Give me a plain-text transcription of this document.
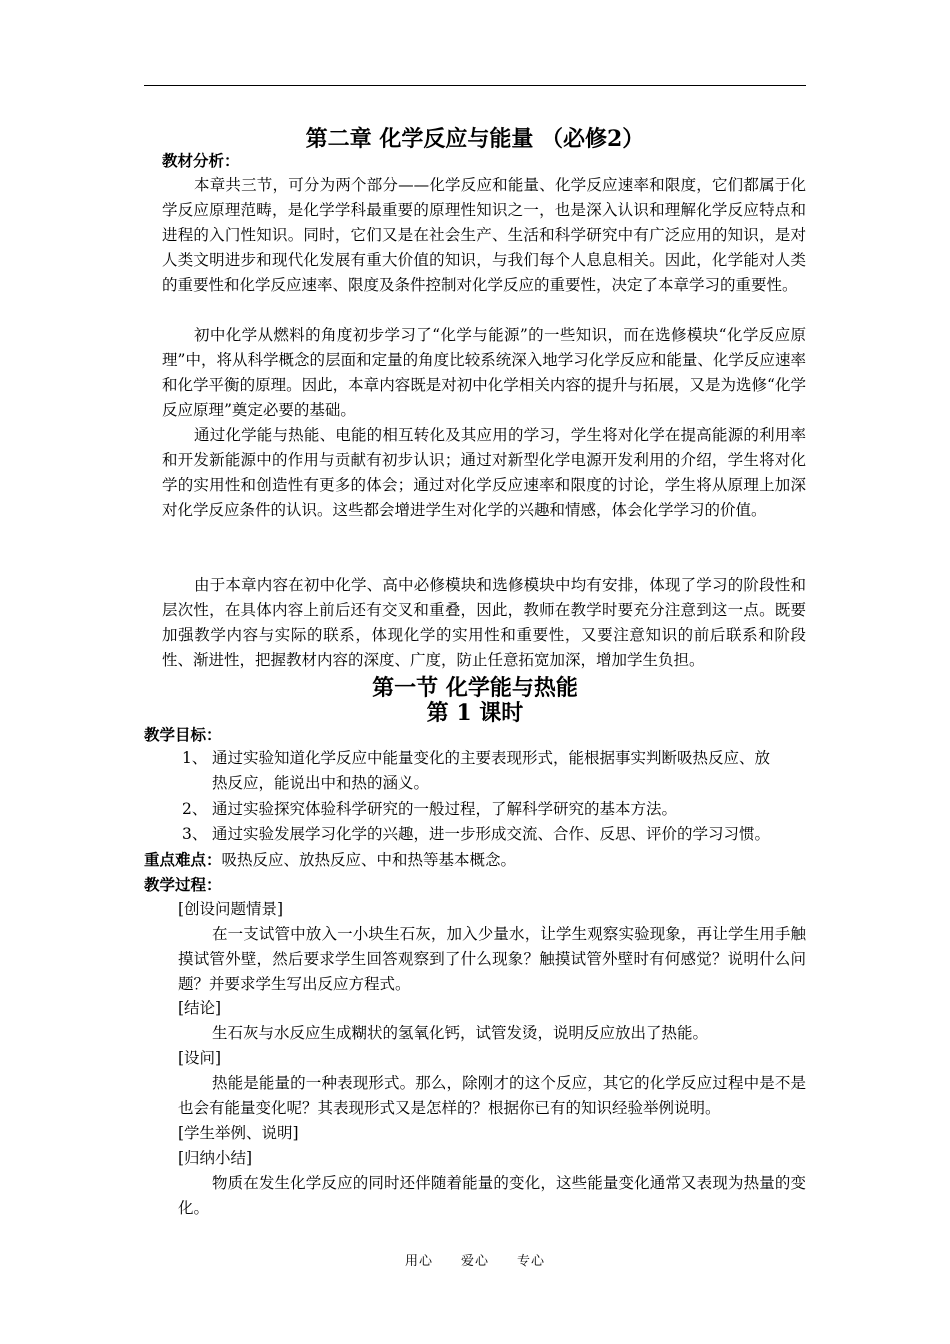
第二章 化学反应与能量 （必修2）
教材分析：
本章共三节，可分为两个部分——化学反应和能量、化学反应速率和限度，它们都属于化学反应原理范畴，是化学学科最重要的原理性知识之一，也是深入认识和理解化学反应特点和进程的入门性知识。同时，它们又是在社会生产、生活和科学研究中有广泛应用的知识，是对人类文明进步和现代化发展有重大价值的知识，与我们每个人息息相关。因此，化学能对人类的重要性和化学反应速率、限度及条件控制对化学反应的重要性，决定了本章学习的重要性。
初中化学从燃料的角度初步学习了“化学与能源”的一些知识，而在选修模块“化学反应原理”中，将从科学概念的层面和定量的角度比较系统深入地学习化学反应和能量、化学反应速率和化学平衡的原理。因此，本章内容既是对初中化学相关内容的提升与拓展，又是为选修“化学反应原理”奠定必要的基础。
通过化学能与热能、电能的相互转化及其应用的学习，学生将对化学在提高能源的利用率和开发新能源中的作用与贡献有初步认识；通过对新型化学电源开发利用的介绍，学生将对化学的实用性和创造性有更多的体会；通过对化学反应速率和限度的讨论，学生将从原理上加深对化学反应条件的认识。这些都会增进学生对化学的兴趣和情感，体会化学学习的价值。
由于本章内容在初中化学、高中必修模块和选修模块中均有安排，体现了学习的阶段性和层次性，在具体内容上前后还有交叉和重叠，因此，教师在教学时要充分注意到这一点。既要加强教学内容与实际的联系，体现化学的实用性和重要性，又要注意知识的前后联系和阶段性、渐进性，把握教材内容的深度、广度，防止任意拓宽加深，增加学生负担。
第一节 化学能与热能
第 1 课时
教学目标：
1、 通过实验知道化学反应中能量变化的主要表现形式，能根据事实判断吸热反应、放
热反应，能说出中和热的涵义。
2、 通过实验探究体验科学研究的一般过程，了解科学研究的基本方法。
3、 通过实验发展学习化学的兴趣，进一步形成交流、合作、反思、评价的学习习惯。
重点难点：吸热反应、放热反应、中和热等基本概念。
教学过程：
[创设问题情景]
在一支试管中放入一小块生石灰，加入少量水，让学生观察实验现象，再让学生用手触摸试管外壁，然后要求学生回答观察到了什么现象？触摸试管外壁时有何感觉？说明什么问题？并要求学生写出反应方程式。
[结论]
生石灰与水反应生成糊状的氢氧化钙，试管发烫，说明反应放出了热能。
[设问]
热能是能量的一种表现形式。那么，除刚才的这个反应，其它的化学反应过程中是不是也会有能量变化呢？其表现形式又是怎样的？根据你已有的知识经验举例说明。
[学生举例、说明]
[归纳小结]
物质在发生化学反应的同时还伴随着能量的变化，这些能量变化通常又表现为热量的变化。
用心 爱心 专心
